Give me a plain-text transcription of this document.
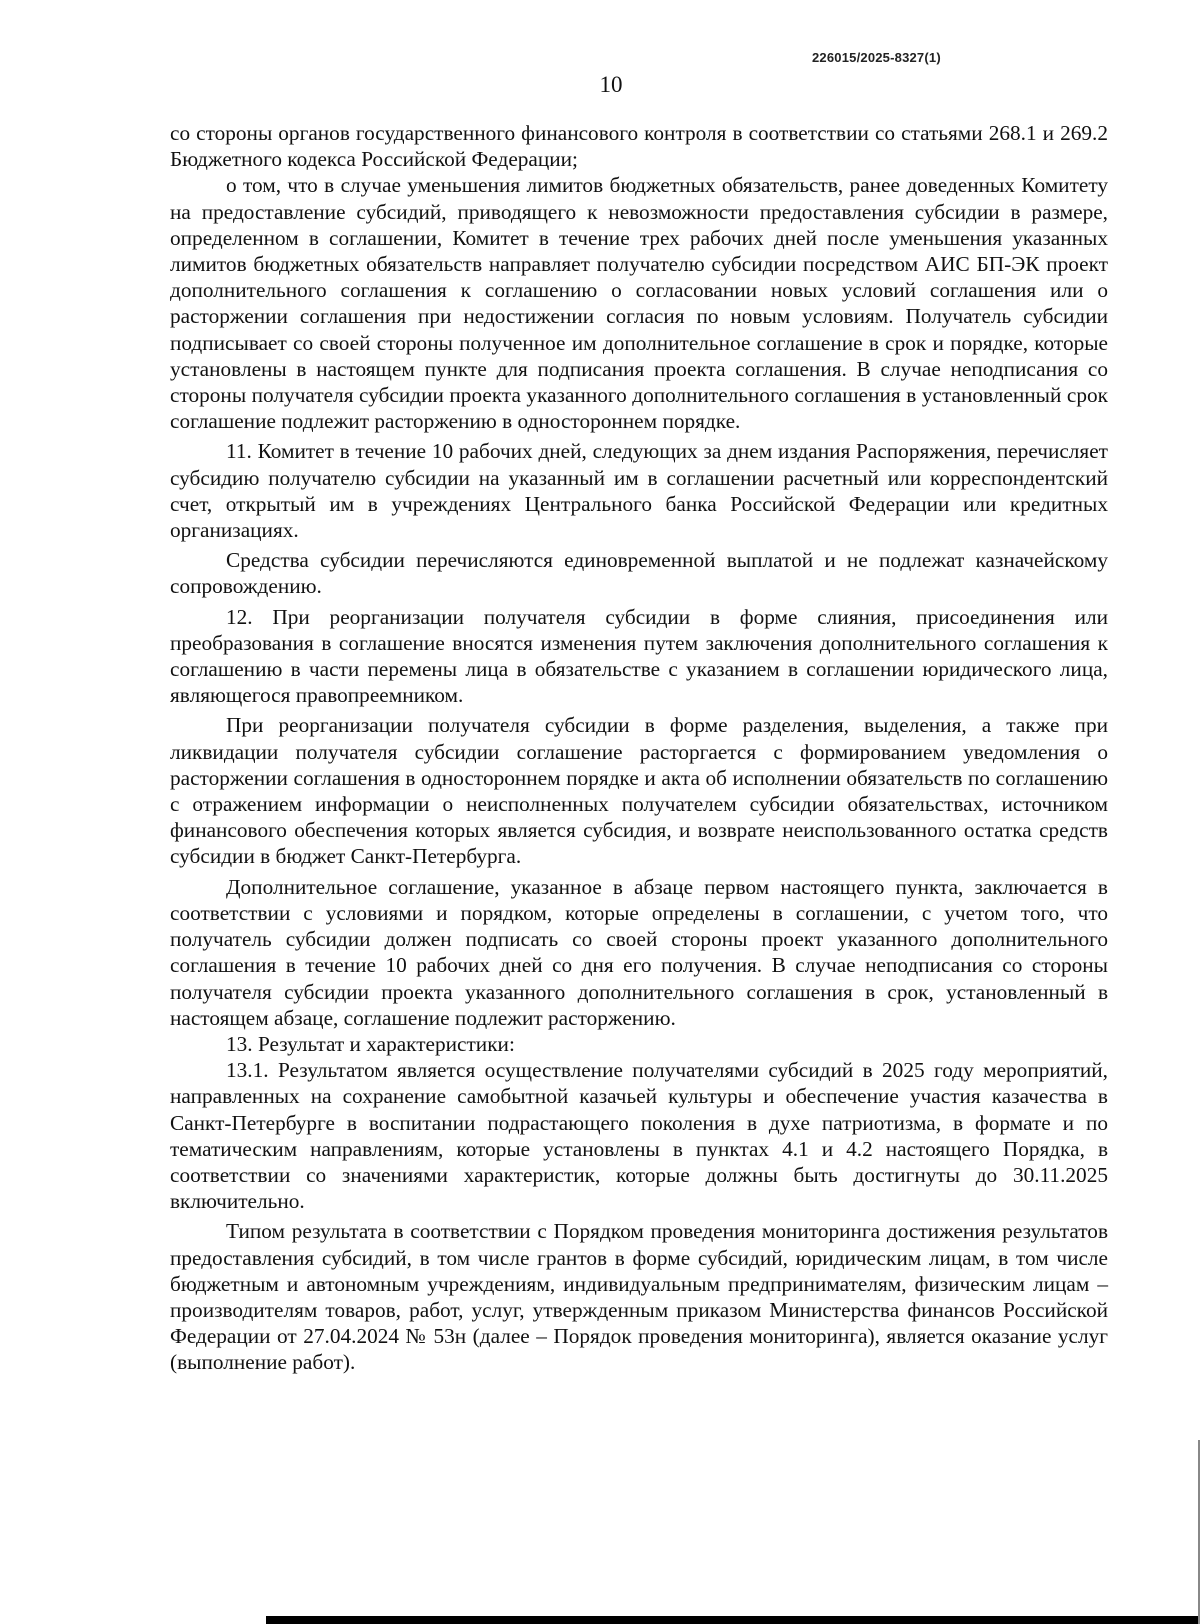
226015/2025-8327(1)
10

со стороны органов государственного финансового контроля в соответствии со статьями 268.1 и 269.2 Бюджетного кодекса Российской Федерации;

о том, что в случае уменьшения лимитов бюджетных обязательств, ранее доведенных Комитету на предоставление субсидий, приводящего к невозможности предоставления субсидии в размере, определенном в соглашении, Комитет в течение трех рабочих дней после уменьшения указанных лимитов бюджетных обязательств направляет получателю субсидии посредством АИС БП-ЭК проект дополнительного соглашения к соглашению о согласовании новых условий соглашения или о расторжении соглашения при недостижении согласия по новым условиям. Получатель субсидии подписывает со своей стороны полученное им дополнительное соглашение в срок и порядке, которые установлены в настоящем пункте для подписания проекта соглашения. В случае неподписания со стороны получателя субсидии проекта указанного дополнительного соглашения в установленный срок соглашение подлежит расторжению в одностороннем порядке.

11. Комитет в течение 10 рабочих дней, следующих за днем издания Распоряжения, перечисляет субсидию получателю субсидии на указанный им в соглашении расчетный или корреспондентский счет, открытый им в учреждениях Центрального банка Российской Федерации или кредитных организациях.

Средства субсидии перечисляются единовременной выплатой и не подлежат казначейскому сопровождению.

12. При реорганизации получателя субсидии в форме слияния, присоединения или преобразования в соглашение вносятся изменения путем заключения дополнительного соглашения к соглашению в части перемены лица в обязательстве с указанием в соглашении юридического лица, являющегося правопреемником.

При реорганизации получателя субсидии в форме разделения, выделения, а также при ликвидации получателя субсидии соглашение расторгается с формированием уведомления о расторжении соглашения в одностороннем порядке и акта об исполнении обязательств по соглашению с отражением информации о неисполненных получателем субсидии обязательствах, источником финансового обеспечения которых является субсидия, и возврате неиспользованного остатка средств субсидии в бюджет Санкт-Петербурга.

Дополнительное соглашение, указанное в абзаце первом настоящего пункта, заключается в соответствии с условиями и порядком, которые определены в соглашении, с учетом того, что получатель субсидии должен подписать со своей стороны проект указанного дополнительного соглашения в течение 10 рабочих дней со дня его получения. В случае неподписания со стороны получателя субсидии проекта указанного дополнительного соглашения в срок, установленный в настоящем абзаце, соглашение подлежит расторжению.

13. Результат и характеристики:

13.1. Результатом является осуществление получателями субсидий в 2025 году мероприятий, направленных на сохранение самобытной казачьей культуры и обеспечение участия казачества в Санкт-Петербурге в воспитании подрастающего поколения в духе патриотизма, в формате и по тематическим направлениям, которые установлены в пунктах 4.1 и 4.2 настоящего Порядка, в соответствии со значениями характеристик, которые должны быть достигнуты до 30.11.2025 включительно.

Типом результата в соответствии с Порядком проведения мониторинга достижения результатов предоставления субсидий, в том числе грантов в форме субсидий, юридическим лицам, в том числе бюджетным и автономным учреждениям, индивидуальным предпринимателям, физическим лицам – производителям товаров, работ, услуг, утвержденным приказом Министерства финансов Российской Федерации от 27.04.2024 № 53н (далее – Порядок проведения мониторинга), является оказание услуг (выполнение работ).
